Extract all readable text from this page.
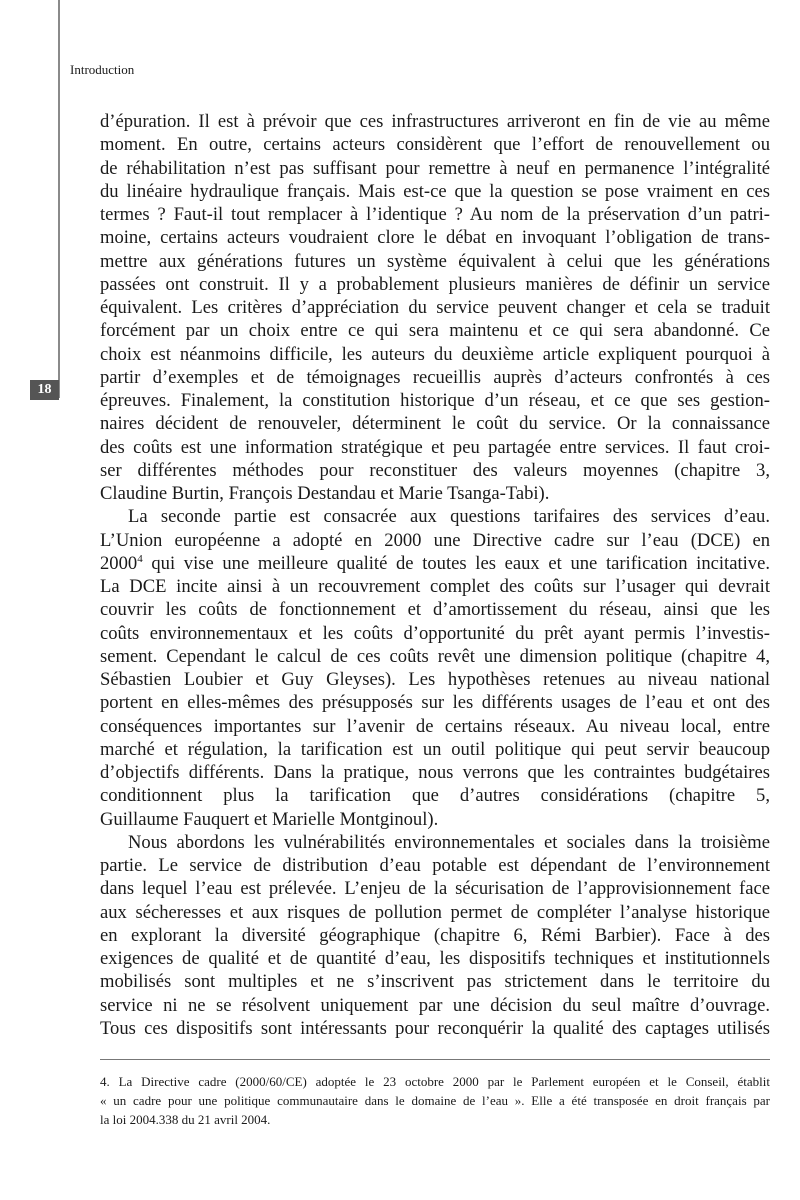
Introduction
18
d’épuration. Il est à prévoir que ces infrastructures arriveront en fin de vie au même
moment. En outre, certains acteurs considèrent que l’effort de renouvellement ou
de réhabilitation n’est pas suffisant pour remettre à neuf en permanence l’intégralité
du linéaire hydraulique français. Mais est-ce que la question se pose vraiment en ces
termes ? Faut-il tout remplacer à l’identique ? Au nom de la préservation d’un patri-
moine, certains acteurs voudraient clore le débat en invoquant l’obligation de trans-
mettre aux générations futures un système équivalent à celui que les générations
passées ont construit. Il y a probablement plusieurs manières de définir un service
équivalent. Les critères d’appréciation du service peuvent changer et cela se traduit
forcément par un choix entre ce qui sera maintenu et ce qui sera abandonné. Ce
choix est néanmoins difficile, les auteurs du deuxième article expliquent pourquoi à
partir d’exemples et de témoignages recueillis auprès d’acteurs confrontés à ces
épreuves. Finalement, la constitution historique d’un réseau, et ce que ses gestion-
naires décident de renouveler, déterminent le coût du service. Or la connaissance
des coûts est une information stratégique et peu partagée entre services. Il faut croi-
ser différentes méthodes pour reconstituer des valeurs moyennes (chapitre 3,
Claudine Burtin, François Destandau et Marie Tsanga-Tabi).
La seconde partie est consacrée aux questions tarifaires des services d’eau.
L’Union européenne a adopté en 2000 une Directive cadre sur l’eau (DCE) en
2000$^4$ qui vise une meilleure qualité de toutes les eaux et une tarification incitative.
La DCE incite ainsi à un recouvrement complet des coûts sur l’usager qui devrait
couvrir les coûts de fonctionnement et d’amortissement du réseau, ainsi que les
coûts environnementaux et les coûts d’opportunité du prêt ayant permis l’investis-
sement. Cependant le calcul de ces coûts revêt une dimension politique (chapitre 4,
Sébastien Loubier et Guy Gleyses). Les hypothèses retenues au niveau national
portent en elles-mêmes des présupposés sur les différents usages de l’eau et ont des
conséquences importantes sur l’avenir de certains réseaux. Au niveau local, entre
marché et régulation, la tarification est un outil politique qui peut servir beaucoup
d’objectifs différents. Dans la pratique, nous verrons que les contraintes budgétaires
conditionnent plus la tarification que d’autres considérations (chapitre 5,
Guillaume Fauquert et Marielle Montginoul).
Nous abordons les vulnérabilités environnementales et sociales dans la troisième
partie. Le service de distribution d’eau potable est dépendant de l’environnement
dans lequel l’eau est prélevée. L’enjeu de la sécurisation de l’approvisionnement face
aux sécheresses et aux risques de pollution permet de compléter l’analyse historique
en explorant la diversité géographique (chapitre 6, Rémi Barbier). Face à des
exigences de qualité et de quantité d’eau, les dispositifs techniques et institutionnels
mobilisés sont multiples et ne s’inscrivent pas strictement dans le territoire du
service ni ne se résolvent uniquement par une décision du seul maître d’ouvrage.
Tous ces dispositifs sont intéressants pour reconquérir la qualité des captages utilisés
4. La Directive cadre (2000/60/CE) adoptée le 23 octobre 2000 par le Parlement européen et le Conseil, établit
« un cadre pour une politique communautaire dans le domaine de l’eau ». Elle a été transposée en droit français par
la loi 2004.338 du 21 avril 2004.
